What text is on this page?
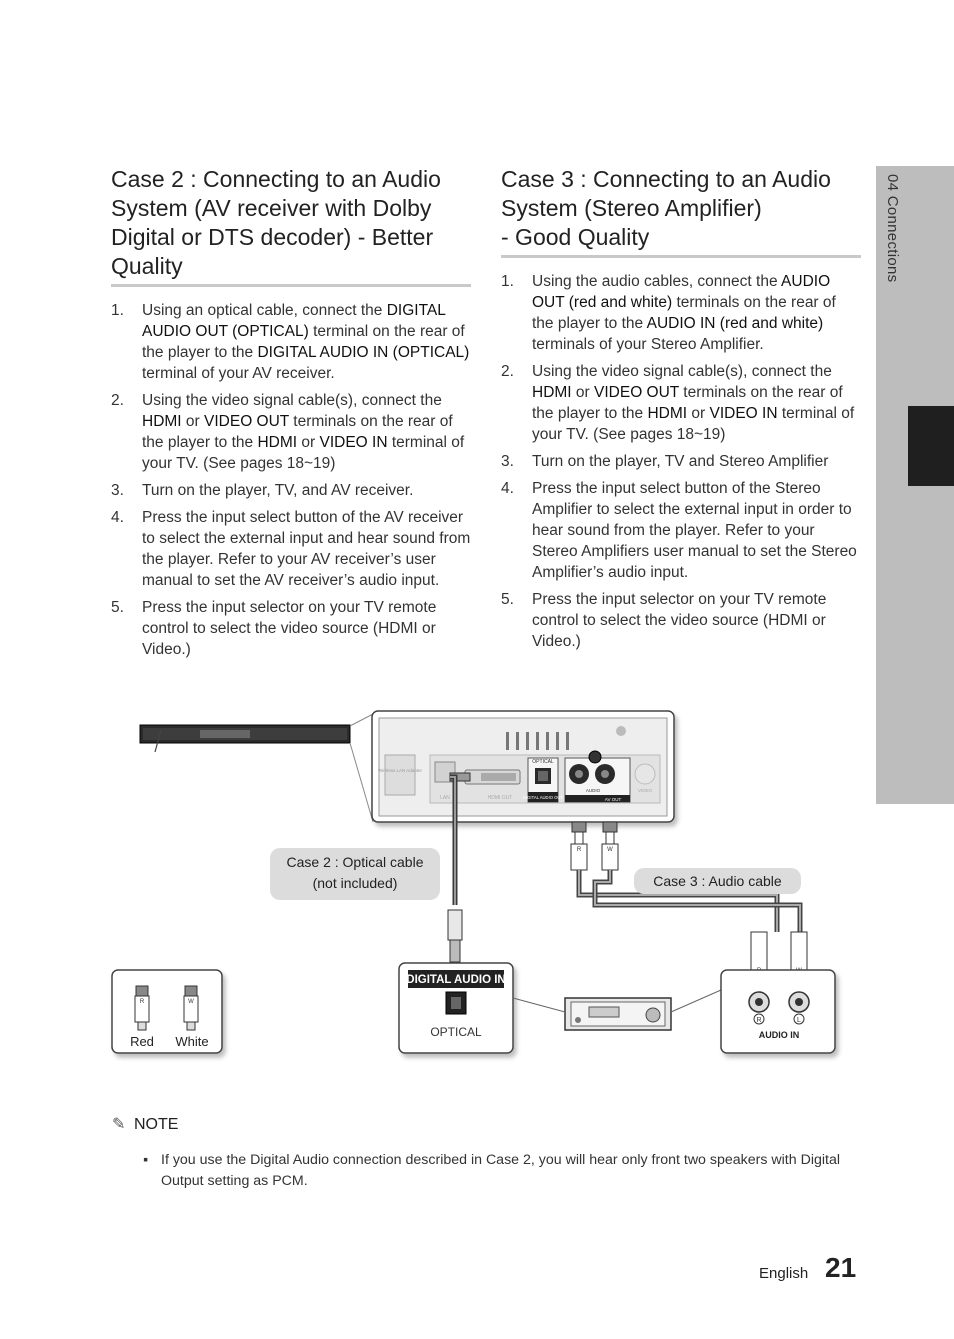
04 Connections
Case 2 : Connecting to an Audio
System (AV receiver with Dolby
Digital or DTS decoder) - Better
Quality
1. Using an optical cable, connect the DIGITAL AUDIO OUT (OPTICAL) terminal on the rear of the player to the DIGITAL AUDIO IN (OPTICAL) terminal of your AV receiver.
2. Using the video signal cable(s), connect the HDMI or VIDEO OUT terminals on the rear of the player to the HDMI or VIDEO IN terminal of your TV. (See pages 18~19)
3. Turn on the player, TV, and AV receiver.
4. Press the input select button of the AV receiver to select the external input and hear sound from the player. Refer to your AV receiver’s user manual to set the AV receiver’s audio input.
5. Press the input selector on your TV remote control to select the video source (HDMI or Video.)
Case 3 : Connecting to an Audio
System (Stereo Amplifier)
- Good Quality
1. Using the audio cables, connect the AUDIO OUT (red and white) terminals on the rear of the player to the AUDIO IN (red and white) terminals of your Stereo Amplifier.
2. Using the video signal cable(s), connect the HDMI or VIDEO OUT terminals on the rear of the player to the HDMI or VIDEO IN terminal of your TV. (See pages 18~19)
3. Turn on the player, TV and Stereo Amplifier
4. Press the input select button of the Stereo Amplifier to select the external input in order to hear sound from the player. Refer to your Stereo Amplifiers user manual to set the Stereo Amplifier’s audio input.
5. Press the input selector on your TV remote control to select the video source (HDMI or Video.)
Wireless LAN Adapter
LAN	HDMI OUT
OPTICAL
DIGITAL AUDIO OUT
AUDIO
AV OUT
VIDEO
R	W
DIGITAL AUDIO IN
OPTICAL
R	L
AUDIO IN
R	W
Red White
Case 2 : Optical cable
(not included)	Case 3 : Audio cable
✎ NOTE
▪ If you use the Digital Audio connection described in Case 2, you will hear only front two speakers with Digital Output setting as PCM.
English 21
